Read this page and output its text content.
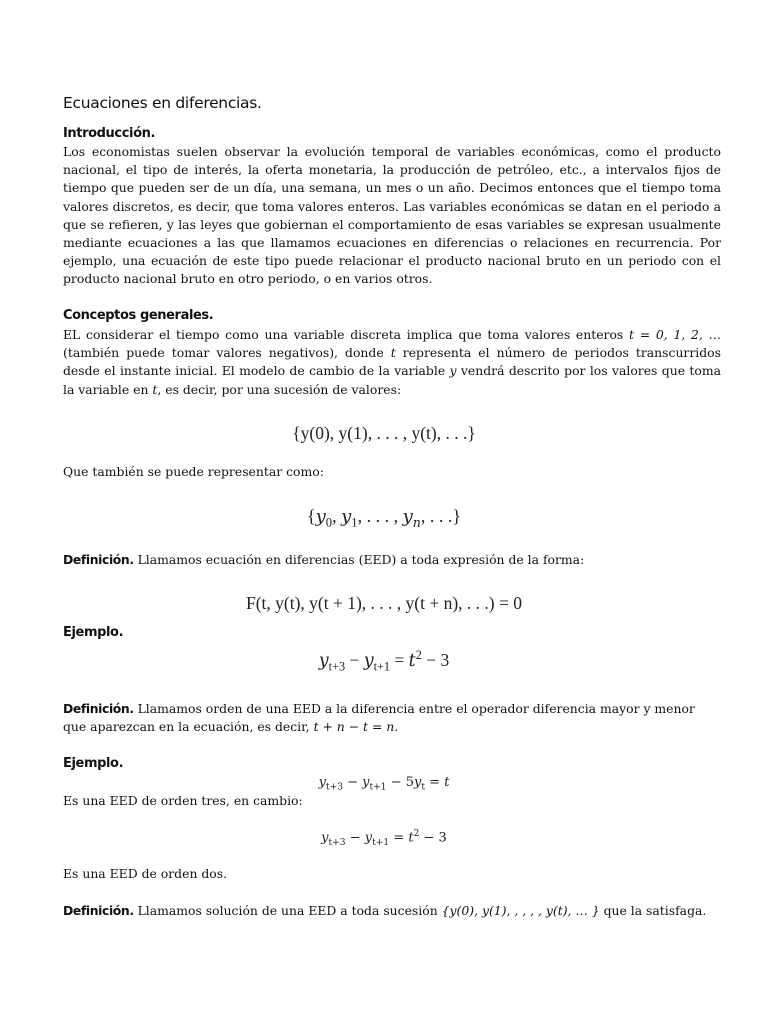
Ecuaciones en diferencias.
Introducción.
Los economistas suelen observar la evolución temporal de variables económicas, como el producto nacional, el tipo de interés, la oferta monetaria, la producción de petróleo, etc., a intervalos fijos de tiempo que pueden ser de un día, una semana, un mes o un año. Decimos entonces que el tiempo toma valores discretos, es decir, que toma valores enteros. Las variables económicas se datan en el periodo a que se refieren, y las leyes que gobiernan el comportamiento de esas variables se expresan usualmente mediante ecuaciones a las que llamamos ecuaciones en diferencias o relaciones en recurrencia. Por ejemplo, una ecuación de este tipo puede relacionar el producto nacional bruto en un periodo con el producto nacional bruto en otro periodo, o en varios otros.
Conceptos generales.
EL considerar el tiempo como una variable discreta implica que toma valores enteros t = 0, 1, 2, … (también puede tomar valores negativos), donde t representa el número de periodos transcurridos desde el instante inicial. El modelo de cambio de la variable y vendrá descrito por los valores que toma la variable en t, es decir, por una sucesión de valores:
{y(0), y(1), . . . , y(t), . . .}
Que también se puede representar como:
{$y_0$, $y_1$, . . . , $y_n$, . . .}
Definición. Llamamos ecuación en diferencias (EED) a toda expresión de la forma:
F(t, y(t), y(t + 1), . . . , y(t + n), . . .) = 0
Ejemplo.
$y_{t+3} - y_{t+1} = t^2 - 3$
Definición. Llamamos orden de una EED a la diferencia entre el operador diferencia mayor y menor que aparezcan en la ecuación, es decir, t + n − t = n.
Ejemplo.
$y_{t+3} - y_{t+1} - 5y_t = t$
Es una EED de orden tres, en cambio:
$y_{t+3} - y_{t+1} = t^2 - 3$
Es una EED de orden dos.
Definición. Llamamos solución de una EED a toda sucesión {y(0), y(1), , , , , y(t), … } que la satisfaga.
